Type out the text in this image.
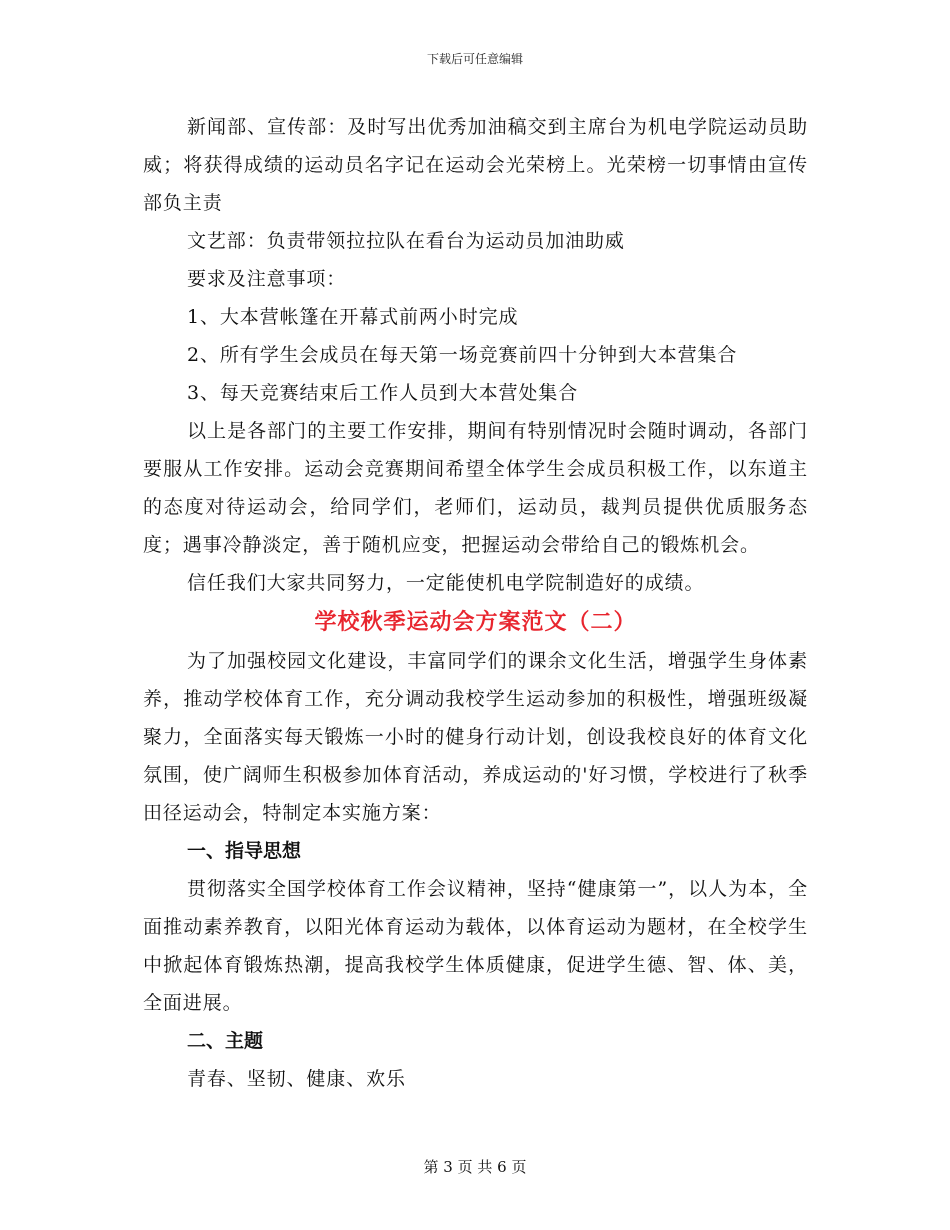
下载后可任意编辑

新闻部、宣传部：及时写出优秀加油稿交到主席台为机电学院运动员助威；将获得成绩的运动员名字记在运动会光荣榜上。光荣榜一切事情由宣传部负主责

文艺部：负责带领拉拉队在看台为运动员加油助威

要求及注意事项：

1、大本营帐篷在开幕式前两小时完成

2、所有学生会成员在每天第一场竞赛前四十分钟到大本营集合

3、每天竞赛结束后工作人员到大本营处集合

以上是各部门的主要工作安排，期间有特别情况时会随时调动，各部门要服从工作安排。运动会竞赛期间希望全体学生会成员积极工作，以东道主的态度对待运动会，给同学们，老师们，运动员，裁判员提供优质服务态度；遇事冷静淡定，善于随机应变，把握运动会带给自己的锻炼机会。

信任我们大家共同努力，一定能使机电学院制造好的成绩。

学校秋季运动会方案范文（二）

为了加强校园文化建设，丰富同学们的课余文化生活，增强学生身体素养，推动学校体育工作，充分调动我校学生运动参加的积极性，增强班级凝聚力，全面落实每天锻炼一小时的健身行动计划，创设我校良好的体育文化氛围，使广阔师生积极参加体育活动，养成运动的'好习惯，学校进行了秋季田径运动会，特制定本实施方案：

一、指导思想

贯彻落实全国学校体育工作会议精神，坚持“健康第一”，以人为本，全面推动素养教育，以阳光体育运动为载体，以体育运动为题材，在全校学生中掀起体育锻炼热潮，提高我校学生体质健康，促进学生德、智、体、美，全面进展。

二、主题

青春、坚韧、健康、欢乐

第 3 页 共 6 页
